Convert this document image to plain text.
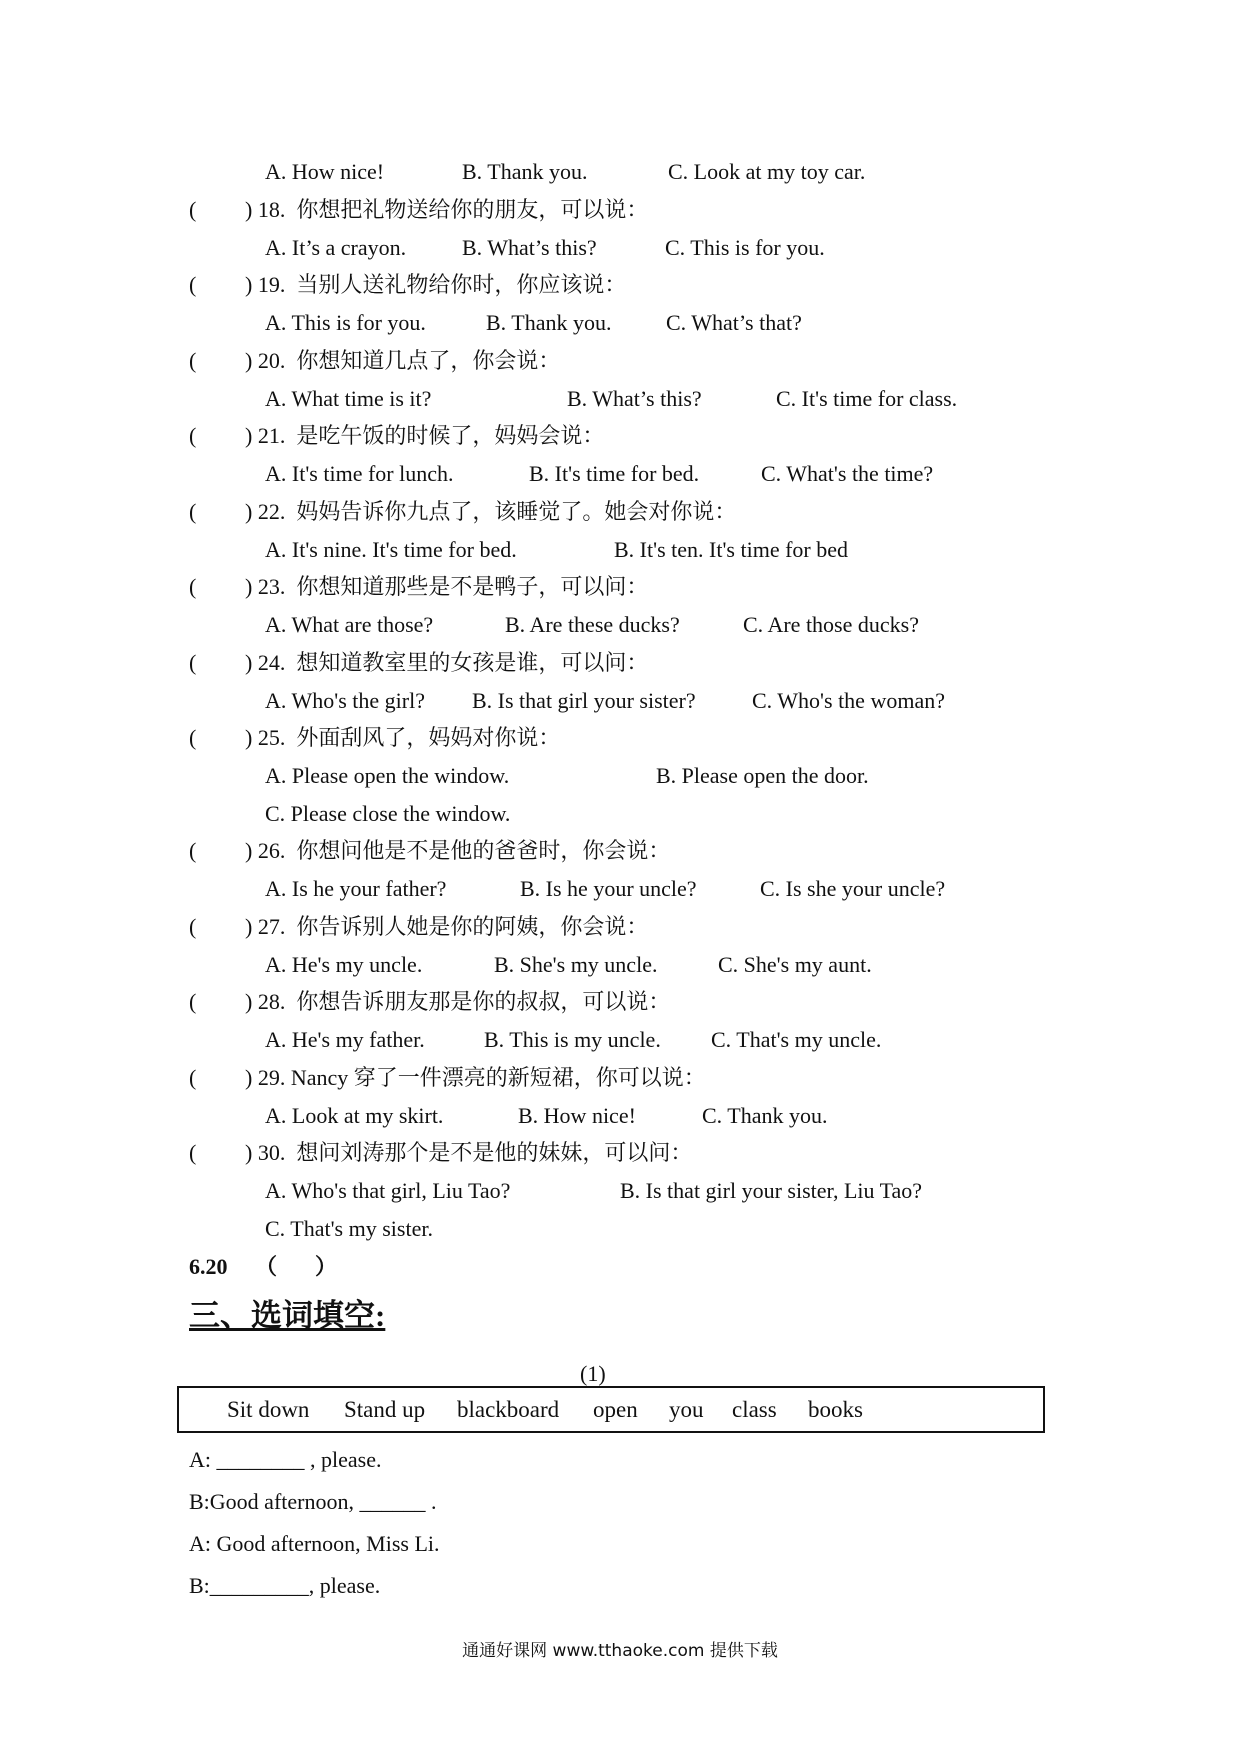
A. How nice!	B. Thank you.	C. Look at my toy car.
( ) 18.  你想把礼物送给你的朋友，可以说：
A. It’s a crayon.	B. What’s this?	C. This is for you.
( ) 19.  当别人送礼物给你时，你应该说：
A. This is for you.	B. Thank you. C. What’s that?
( ) 20.  你想知道几点了，你会说：
A. What time is it?	B. What’s this?	C. It's time for class.
( ) 21.  是吃午饭的时候了，妈妈会说：
A. It's time for lunch.	B. It's time for bed.	C. What's the time?
( ) 22.  妈妈告诉你九点了，该睡觉了。她会对你说：
A. It's nine. It's time for bed.	B. It's ten. It's time for bed
( ) 23.  你想知道那些是不是鸭子，可以问：
A. What are those?	B. Are these ducks?	C. Are those ducks?
( ) 24.  想知道教室里的女孩是谁，可以问：
A. Who's the girl? B. Is that girl your sister?	C. Who's the woman?
( ) 25.  外面刮风了，妈妈对你说：
A. Please open the window.	B. Please open the door.
C. Please close the window.
( ) 26.  你想问他是不是他的爸爸时，你会说：
A. Is he your father?	B. Is he your uncle?	C. Is she your uncle?
( ) 27.  你告诉别人她是你的阿姨，你会说：
A. He's my uncle.	B. She's my uncle.	C. She's my aunt.
( ) 28.  你想告诉朋友那是你的叔叔，可以说：
A. He's my father.	B. This is my uncle. C. That's my uncle.
( ) 29. Nancy 穿了一件漂亮的新短裙，你可以说：
A. Look at my skirt.	B. How nice!	C. Thank you.
( ) 30.  想问刘涛那个是不是他的妹妹，可以问：
A. Who's that girl, Liu Tao?	B. Is that girl your sister, Liu Tao?
C. That's my sister.
6.20 （ ）
三、选词填空:
(1)
Sit down Stand up blackboard open you class books
A: ________ , please.
B:Good afternoon, ______ .
A: Good afternoon, Miss Li.
B:_________, please.
通通好课网 www.tthaoke.com 提供下载
